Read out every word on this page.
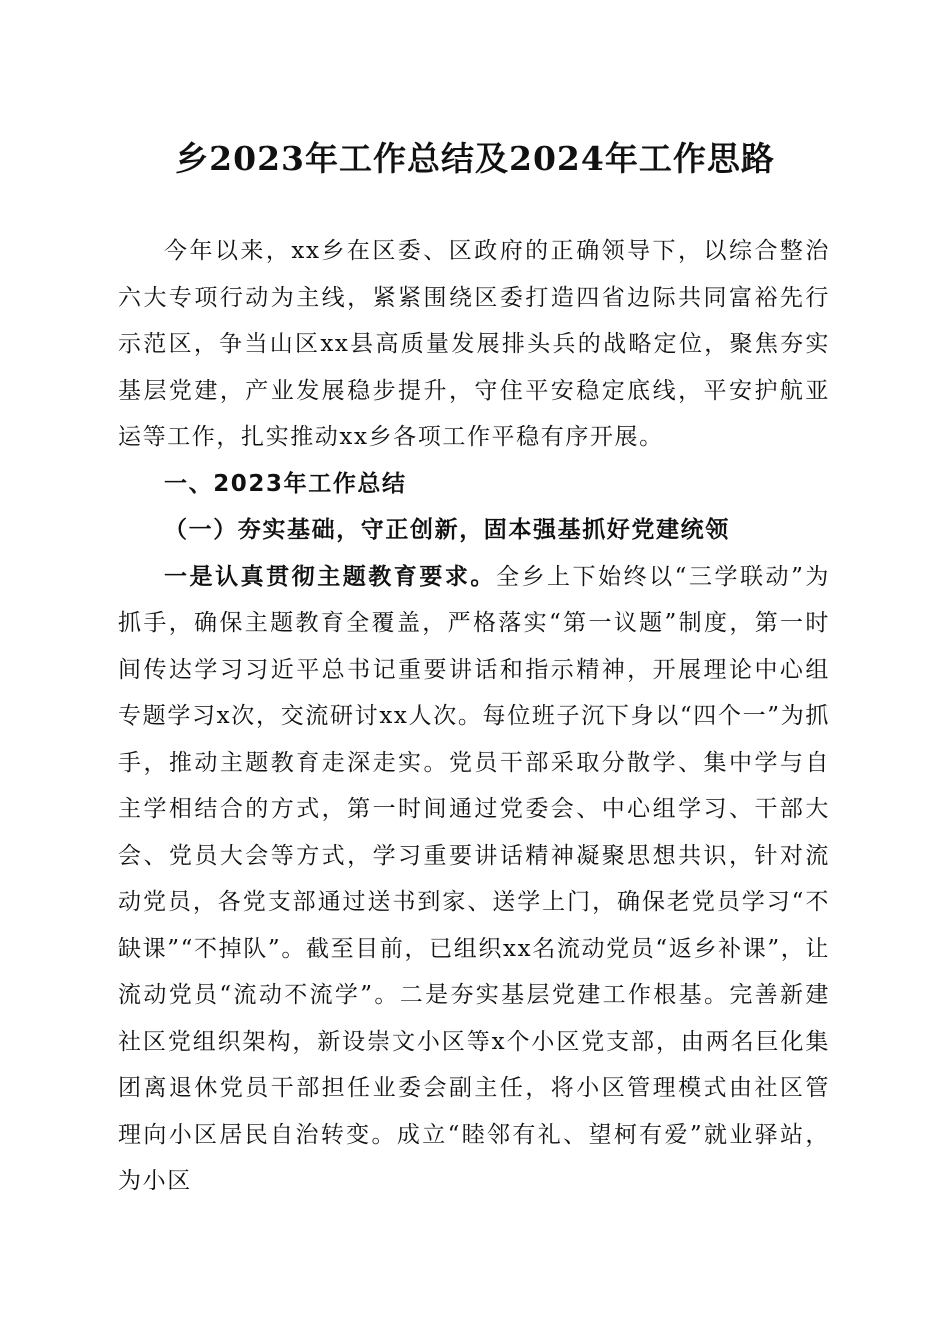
乡2023年工作总结及2024年工作思路

今年以来，xx乡在区委、区政府的正确领导下，以综合整治六大专项行动为主线，紧紧围绕区委打造四省边际共同富裕先行示范区，争当山区xx县高质量发展排头兵的战略定位，聚焦夯实基层党建，产业发展稳步提升，守住平安稳定底线，平安护航亚运等工作，扎实推动xx乡各项工作平稳有序开展。

一、2023年工作总结

（一）夯实基础，守正创新，固本强基抓好党建统领

一是认真贯彻主题教育要求。全乡上下始终以“三学联动”为抓手，确保主题教育全覆盖，严格落实“第一议题”制度，第一时间传达学习习近平总书记重要讲话和指示精神，开展理论中心组专题学习x次，交流研讨xx人次。每位班子沉下身以“四个一”为抓手，推动主题教育走深走实。党员干部采取分散学、集中学与自主学相结合的方式，第一时间通过党委会、中心组学习、干部大会、党员大会等方式，学习重要讲话精神凝聚思想共识，针对流动党员，各党支部通过送书到家、送学上门，确保老党员学习“不缺课”“不掉队”。截至目前，已组织xx名流动党员“返乡补课”，让流动党员“流动不流学”。二是夯实基层党建工作根基。完善新建社区党组织架构，新设崇文小区等x个小区党支部，由两名巨化集团离退休党员干部担任业委会副主任，将小区管理模式由社区管理向小区居民自治转变。成立“睦邻有礼、望柯有爱”就业驿站，为小区
